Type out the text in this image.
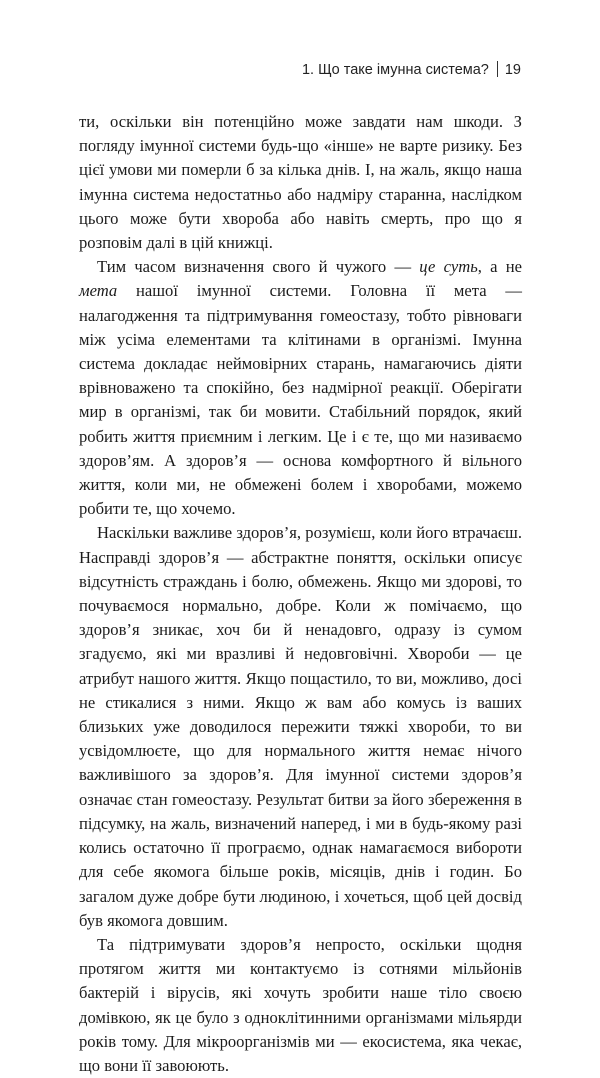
1. Що таке імунна система? 19

ти, оскільки він потенційно може завдати нам шкоди. З погляду імунної системи будь-що «інше» не варте ризику. Без цієї умови ми померли б за кілька днів. І, на жаль, якщо наша імунна система недостатньо або надміру старанна, наслідком цього може бути хвороба або навіть смерть, про що я розповім далі в цій книжці.

Тим часом визначення свого й чужого — це суть, а не мета нашої імунної системи. Головна її мета — налагодження та підтримування гомеостазу, тобто рівноваги між усіма елементами та клітинами в організмі. Імунна система докладає неймовірних старань, намагаючись діяти врівноважено та спокійно, без надмірної реакції. Оберігати мир в організмі, так би мовити. Стабільний порядок, який робить життя приємним і легким. Це і є те, що ми називаємо здоров’ям. А здоров’я — основа комфортного й вільного життя, коли ми, не обмежені болем і хворобами, можемо робити те, що хочемо.

Наскільки важливе здоров’я, розумієш, коли його втрачаєш. Насправді здоров’я — абстрактне поняття, оскільки описує відсутність страждань і болю, обмежень. Якщо ми здорові, то почуваємося нормально, добре. Коли ж помічаємо, що здоров’я зникає, хоч би й ненадовго, одразу із сумом згадуємо, які ми вразливі й недовговічні. Хвороби — це атрибут нашого життя. Якщо пощастило, то ви, можливо, досі не стикалися з ними. Якщо ж вам або комусь із ваших близьких уже доводилося пережити тяжкі хвороби, то ви усвідомлюєте, що для нормального життя немає нічого важливішого за здоров’я. Для імунної системи здоров’я означає стан гомеостазу. Результат битви за його збереження в підсумку, на жаль, визначений наперед, і ми в будь-якому разі колись остаточно її програємо, однак намагаємося вибороти для себе якомога більше років, місяців, днів і годин. Бо загалом дуже добре бути людиною, і хочеться, щоб цей досвід був якомога довшим.

Та підтримувати здоров’я непросто, оскільки щодня протягом життя ми контактуємо із сотнями мільйонів бактерій і вірусів, які хочуть зробити наше тіло своєю домівкою, як це було з одноклітинними організмами мільярди років тому. Для мікроорганізмів ми — екосистема, яка чекає, що вони її завоюють.
